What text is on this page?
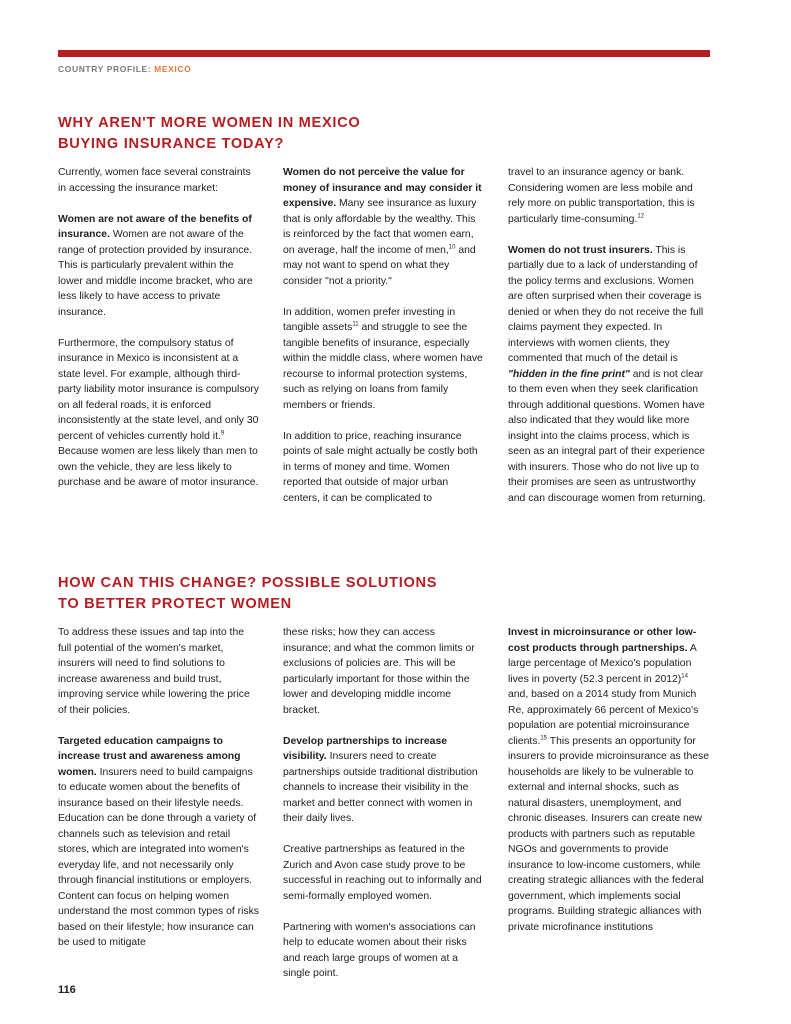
COUNTRY PROFILE: MEXICO
WHY AREN'T MORE WOMEN IN MEXICO
BUYING INSURANCE TODAY?

Currently, women face several constraints in accessing the insurance market:

Women are not aware of the benefits of insurance. Women are not aware of the range of protection provided by insurance. This is particularly prevalent within the lower and middle income bracket, who are less likely to have access to private insurance.

Furthermore, the compulsory status of insurance in Mexico is inconsistent at a state level. For example, although third-party liability motor insurance is compulsory on all federal roads, it is enforced inconsistently at the state level, and only 30 percent of vehicles currently hold it.$^9$ Because women are less likely than men to own the vehicle, they are less likely to purchase and be aware of motor insurance.

Women do not perceive the value for money of insurance and may consider it expensive. Many see insurance as luxury that is only affordable by the wealthy. This is reinforced by the fact that women earn, on average, half the income of men,$^{10}$ and may not want to spend on what they consider "not a priority."

In addition, women prefer investing in tangible assets$^{11}$ and struggle to see the tangible benefits of insurance, especially within the middle class, where women have recourse to informal protection systems, such as relying on loans from family members or friends.

In addition to price, reaching insurance points of sale might actually be costly both in terms of money and time. Women reported that outside of major urban centers, it can be complicated to

travel to an insurance agency or bank. Considering women are less mobile and rely more on public transportation, this is particularly time-consuming.$^{12}$

Women do not trust insurers. This is partially due to a lack of understanding of the policy terms and exclusions. Women are often surprised when their coverage is denied or when they do not receive the full claims payment they expected. In interviews with women clients, they commented that much of the detail is "hidden in the fine print" and is not clear to them even when they seek clarification through additional questions. Women have also indicated that they would like more insight into the claims process, which is seen as an integral part of their experience with insurers. Those who do not live up to their promises are seen as untrustworthy and can discourage women from returning.

HOW CAN THIS CHANGE? POSSIBLE SOLUTIONS
TO BETTER PROTECT WOMEN

To address these issues and tap into the full potential of the women's market, insurers will need to find solutions to increase awareness and build trust, improving service while lowering the price of their policies.

Targeted education campaigns to increase trust and awareness among women. Insurers need to build campaigns to educate women about the benefits of insurance based on their lifestyle needs. Education can be done through a variety of channels such as television and retail stores, which are integrated into women's everyday life, and not necessarily only through financial institutions or employers. Content can focus on helping women understand the most common types of risks based on their lifestyle; how insurance can be used to mitigate

these risks; how they can access insurance; and what the common limits or exclusions of policies are. This will be particularly important for those within the lower and developing middle income bracket.

Develop partnerships to increase visibility. Insurers need to create partnerships outside traditional distribution channels to increase their visibility in the market and better connect with women in their daily lives.

Creative partnerships as featured in the Zurich and Avon case study prove to be successful in reaching out to informally and semi-formally employed women.

Partnering with women's associations can help to educate women about their risks and reach large groups of women at a single point.

Invest in microinsurance or other low-cost products through partnerships. A large percentage of Mexico's population lives in poverty (52.3 percent in 2012)$^{14}$ and, based on a 2014 study from Munich Re, approximately 66 percent of Mexico's population are potential microinsurance clients.$^{15}$ This presents an opportunity for insurers to provide microinsurance as these households are likely to be vulnerable to external and internal shocks, such as natural disasters, unemployment, and chronic diseases. Insurers can create new products with partners such as reputable NGOs and governments to provide insurance to low-income customers, while creating strategic alliances with the federal government, which implements social programs. Building strategic alliances with private microfinance institutions

116
